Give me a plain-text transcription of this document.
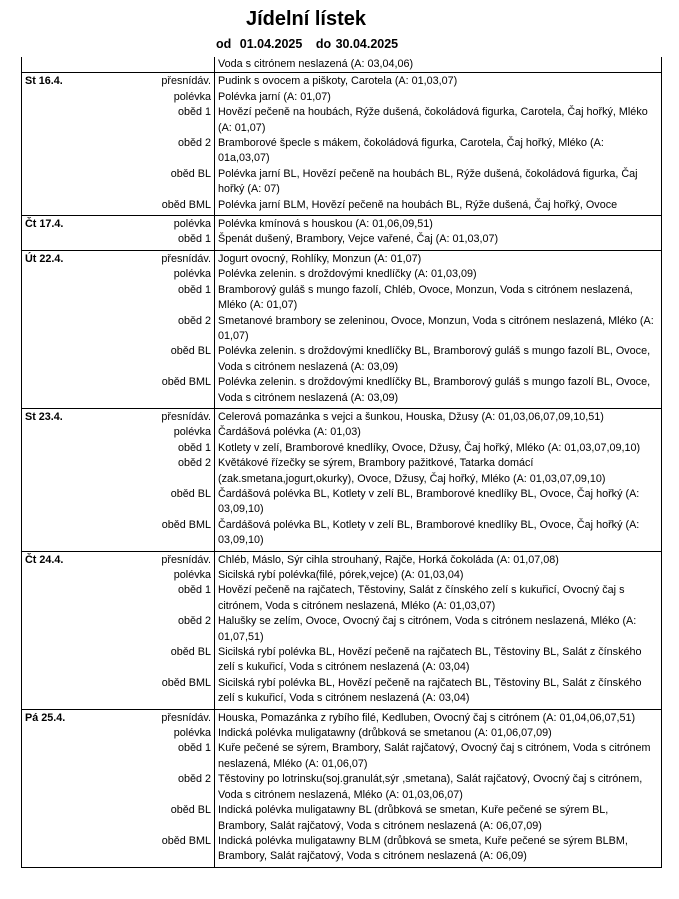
Jídelní lístek
od 01.04.2025 do 30.04.2025
		Voda s citrónem neslazená (A: 03,04,06)
St 16.4.	přesnídáv.	Pudink s ovocem a piškoty, Carotela (A: 01,03,07)
	polévka	Polévka jarní (A: 01,07)
	oběd 1	Hovězí pečeně na houbách, Rýže dušená, čokoládová figurka, Carotela, Čaj hořký, Mléko (A: 01,07)
	oběd 2	Bramborové špecle s mákem, čokoládová figurka, Carotela, Čaj hořký, Mléko (A: 01a,03,07)
	oběd BL	Polévka jarní BL, Hovězí pečeně na houbách BL, Rýže dušená, čokoládová figurka, Čaj hořký (A: 07)
	oběd BML	Polévka jarní BLM, Hovězí pečeně na houbách BL, Rýže dušená, Čaj hořký, Ovoce
Čt 17.4.	polévka	Polévka kmínová s houskou (A: 01,06,09,51)
	oběd 1	Špenát dušený, Brambory, Vejce vařené, Čaj (A: 01,03,07)
Út 22.4.	přesnídáv.	Jogurt ovocný, Rohlíky, Monzun (A: 01,07)
	polévka	Polévka zelenin. s droždovými knedlíčky (A: 01,03,09)
	oběd 1	Bramborový guláš s mungo fazolí, Chléb, Ovoce, Monzun, Voda s citrónem neslazená, Mléko (A: 01,07)
	oběd 2	Smetanové brambory se zeleninou, Ovoce, Monzun, Voda s citrónem neslazená, Mléko (A: 01,07)
	oběd BL	Polévka zelenin. s droždovými knedlíčky BL, Bramborový guláš s mungo fazolí BL, Ovoce, Voda s citrónem neslazená (A: 03,09)
	oběd BML	Polévka zelenin. s droždovými knedlíčky BL, Bramborový guláš s mungo fazolí BL, Ovoce, Voda s citrónem neslazená (A: 03,09)
St 23.4.	přesnídáv.	Celerová pomazánka s vejci a šunkou, Houska, Džusy (A: 01,03,06,07,09,10,51)
	polévka	Čardášová polévka (A: 01,03)
	oběd 1	Kotlety v zelí, Bramborové knedlíky, Ovoce, Džusy, Čaj hořký, Mléko (A: 01,03,07,09,10)
	oběd 2	Květákové řízečky se sýrem, Brambory pažitkové, Tatarka domácí (zak.smetana,jogurt,okurky), Ovoce, Džusy, Čaj hořký, Mléko (A: 01,03,07,09,10)
	oběd BL	Čardášová polévka BL, Kotlety v zelí BL, Bramborové knedlíky BL, Ovoce, Čaj hořký (A: 03,09,10)
	oběd BML	Čardášová polévka BL, Kotlety v zelí BL, Bramborové knedlíky BL, Ovoce, Čaj hořký (A: 03,09,10)
Čt 24.4.	přesnídáv.	Chléb, Máslo, Sýr cihla strouhaný, Rajče, Horká čokoláda (A: 01,07,08)
	polévka	Sicilská rybí polévka(filé, pórek,vejce) (A: 01,03,04)
	oběd 1	Hovězí pečeně na rajčatech, Těstoviny, Salát z čínského zelí s kukuřicí, Ovocný čaj s citrónem, Voda s citrónem neslazená, Mléko (A: 01,03,07)
	oběd 2	Halušky se zelím, Ovoce, Ovocný čaj s citrónem, Voda s citrónem neslazená, Mléko (A: 01,07,51)
	oběd BL	Sicilská rybí polévka BL, Hovězí pečeně na rajčatech BL, Těstoviny BL, Salát z čínského zelí s kukuřicí, Voda s citrónem neslazená (A: 03,04)
	oběd BML	Sicilská rybí polévka BL, Hovězí pečeně na rajčatech BL, Těstoviny BL, Salát z čínského zelí s kukuřicí, Voda s citrónem neslazená (A: 03,04)
Pá 25.4.	přesnídáv.	Houska, Pomazánka z rybího filé, Kedluben, Ovocný čaj s citrónem (A: 01,04,06,07,51)
	polévka	Indická polévka muligatawny (drůbková se smetanou (A: 01,06,07,09)
	oběd 1	Kuře pečené se sýrem, Brambory, Salát rajčatový, Ovocný čaj s citrónem, Voda s citrónem neslazená, Mléko (A: 01,06,07)
	oběd 2	Těstoviny po lotrinsku(soj.granulát,sýr ,smetana), Salát rajčatový, Ovocný čaj s citrónem, Voda s citrónem neslazená, Mléko (A: 01,03,06,07)
	oběd BL	Indická polévka muligatawny BL (drůbková se smetan, Kuře pečené se sýrem BL, Brambory, Salát rajčatový, Voda s citrónem neslazená (A: 06,07,09)
	oběd BML	Indická polévka muligatawny BLM (drůbková se smeta, Kuře pečené se sýrem BLBM, Brambory, Salát rajčatový, Voda s citrónem neslazená (A: 06,09)
